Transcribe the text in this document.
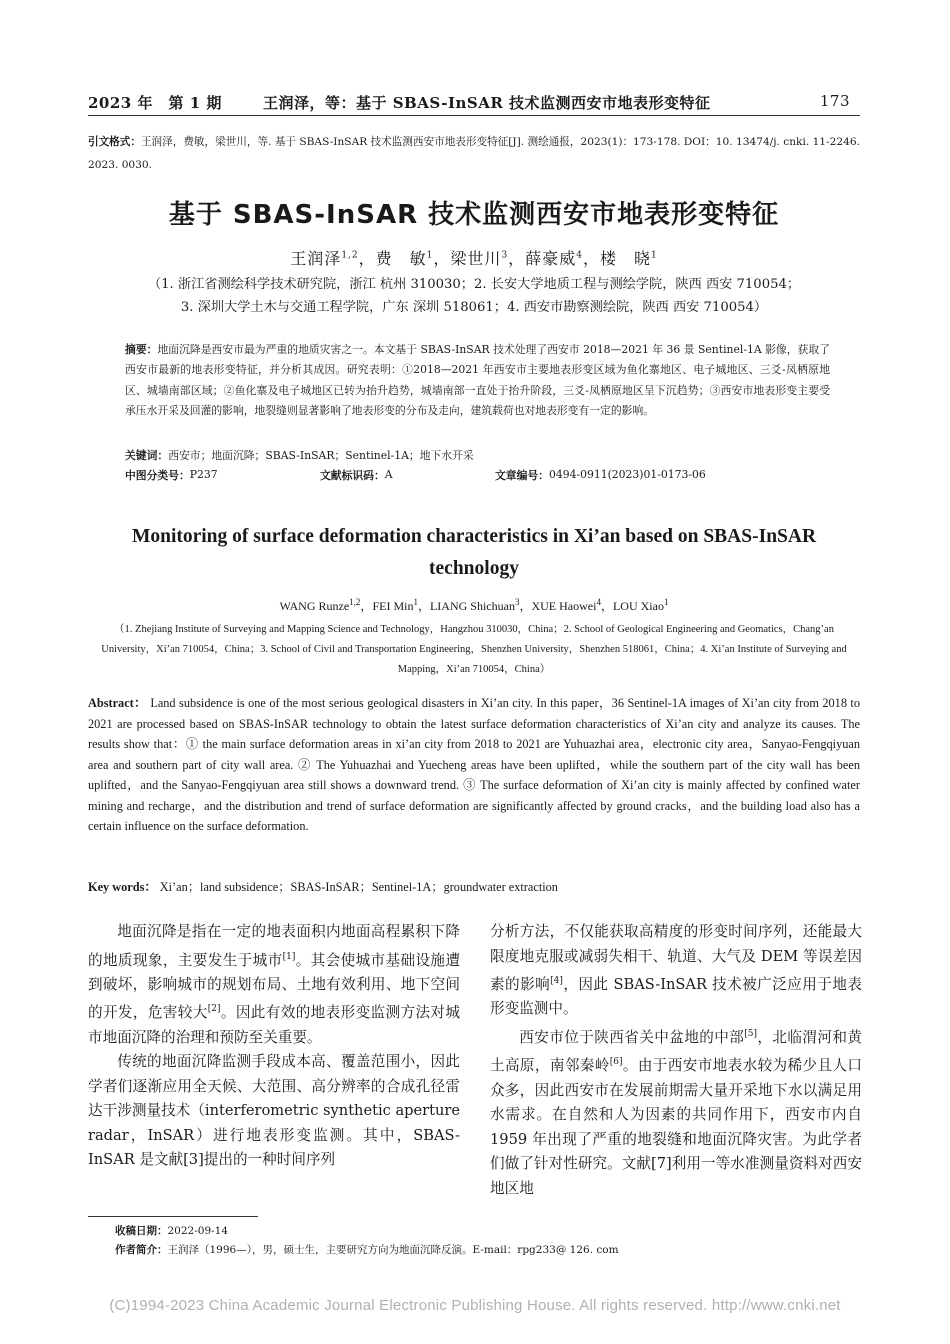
2023 年　第 1 期	王润泽，等：基于 SBAS-InSAR 技术监测西安市地表形变特征	173
引文格式：王润泽，费敏，梁世川，等. 基于 SBAS-InSAR 技术监测西安市地表形变特征[J]. 测绘通报，2023(1)：173-178. DOI：10. 13474/j. cnki. 11-2246. 2023. 0030.
基于 SBAS-InSAR 技术监测西安市地表形变特征
王润泽$^{1,2}$，费　敏$^1$，梁世川$^3$，薛豪威$^4$，楼　晓$^1$
（1. 浙江省测绘科学技术研究院，浙江 杭州 310030；2. 长安大学地质工程与测绘学院，陕西 西安 710054；
3. 深圳大学土木与交通工程学院，广东 深圳 518061；4. 西安市勘察测绘院，陕西 西安 710054）
摘要：地面沉降是西安市最为严重的地质灾害之一。本文基于 SBAS-InSAR 技术处理了西安市 2018—2021 年 36 景 Sentinel-1A 影像，获取了西安市最新的地表形变特征，并分析其成因。研究表明：①2018—2021 年西安市主要地表形变区域为鱼化寨地区、电子城地区、三爻-凤栖原地区、城墙南部区域；②鱼化寨及电子城地区已转为抬升趋势，城墙南部一直处于抬升阶段，三爻-凤栖原地区呈下沉趋势；③西安市地表形变主要受承压水开采及回灌的影响，地裂缝则显著影响了地表形变的分布及走向，建筑载荷也对地表形变有一定的影响。
关键词：西安市；地面沉降；SBAS-InSAR；Sentinel-1A；地下水开采
中图分类号： P237	文献标识码： A	文章编号： 0494-0911(2023)01-0173-06
Monitoring of surface deformation characteristics in Xi’an based on SBAS-InSAR technology
WANG Runze$^{1,2}$，FEI Min$^1$，LIANG Shichuan$^3$，XUE Haowei$^4$，LOU Xiao$^1$
（1. Zhejiang Institute of Surveying and Mapping Science and Technology，Hangzhou 310030，China；2. School of Geological Engineering and Geomatics，Chang’an University，Xi’an 710054，China；3. School of Civil and Transportation Engineering，Shenzhen University，Shenzhen 518061，China；4. Xi’an Institute of Surveying and Mapping，Xi’an 710054，China）
Abstract： Land subsidence is one of the most serious geological disasters in Xi’an city. In this paper，36 Sentinel-1A images of Xi’an city from 2018 to 2021 are processed based on SBAS-InSAR technology to obtain the latest surface deformation characteristics of Xi’an city and analyze its causes. The results show that：① the main surface deformation areas in xi’an city from 2018 to 2021 are Yuhuazhai area，electronic city area，Sanyao-Fengqiyuan area and southern part of city wall area. ② The Yuhuazhai and Yuecheng areas have been uplifted，while the southern part of the city wall has been uplifted，and the Sanyao-Fengqiyuan area still shows a downward trend. ③ The surface deformation of Xi’an city is mainly affected by confined water mining and recharge，and the distribution and trend of surface deformation are significantly affected by ground cracks，and the building load also has a certain influence on the surface deformation.
Key words： Xi’an；land subsidence；SBAS-InSAR；Sentinel-1A；groundwater extraction

地面沉降是指在一定的地表面积内地面高程累积下降的地质现象，主要发生于城市[1]。其会使城市基础设施遭到破坏，影响城市的规划布局、土地有效利用、地下空间的开发，危害较大[2]。因此有效的地表形变监测方法对城市地面沉降的治理和预防至关重要。

传统的地面沉降监测手段成本高、覆盖范围小，因此学者们逐渐应用全天候、大范围、高分辨率的合成孔径雷达干涉测量技术（interferometric synthetic aperture radar，InSAR）进行地表形变监测。其中，SBAS-InSAR 是文献[3]提出的一种时间序列

分析方法，不仅能获取高精度的形变时间序列，还能最大限度地克服或减弱失相干、轨道、大气及 DEM 等误差因素的影响[4]，因此 SBAS-InSAR 技术被广泛应用于地表形变监测中。

西安市位于陕西省关中盆地的中部[5]，北临渭河和黄土高原，南邻秦岭[6]。由于西安市地表水较为稀少且人口众多，因此西安市在发展前期需大量开采地下水以满足用水需求。在自然和人为因素的共同作用下，西安市内自 1959 年出现了严重的地裂缝和地面沉降灾害。为此学者们做了针对性研究。文献[7]利用一等水准测量资料对西安地区地

收稿日期：2022-09-14
作者简介：王润泽（1996—），男，硕士生，主要研究方向为地面沉降反演。E-mail：rpg233@ 126. com
(C)1994-2023 China Academic Journal Electronic Publishing House. All rights reserved. http://www.cnki.net
